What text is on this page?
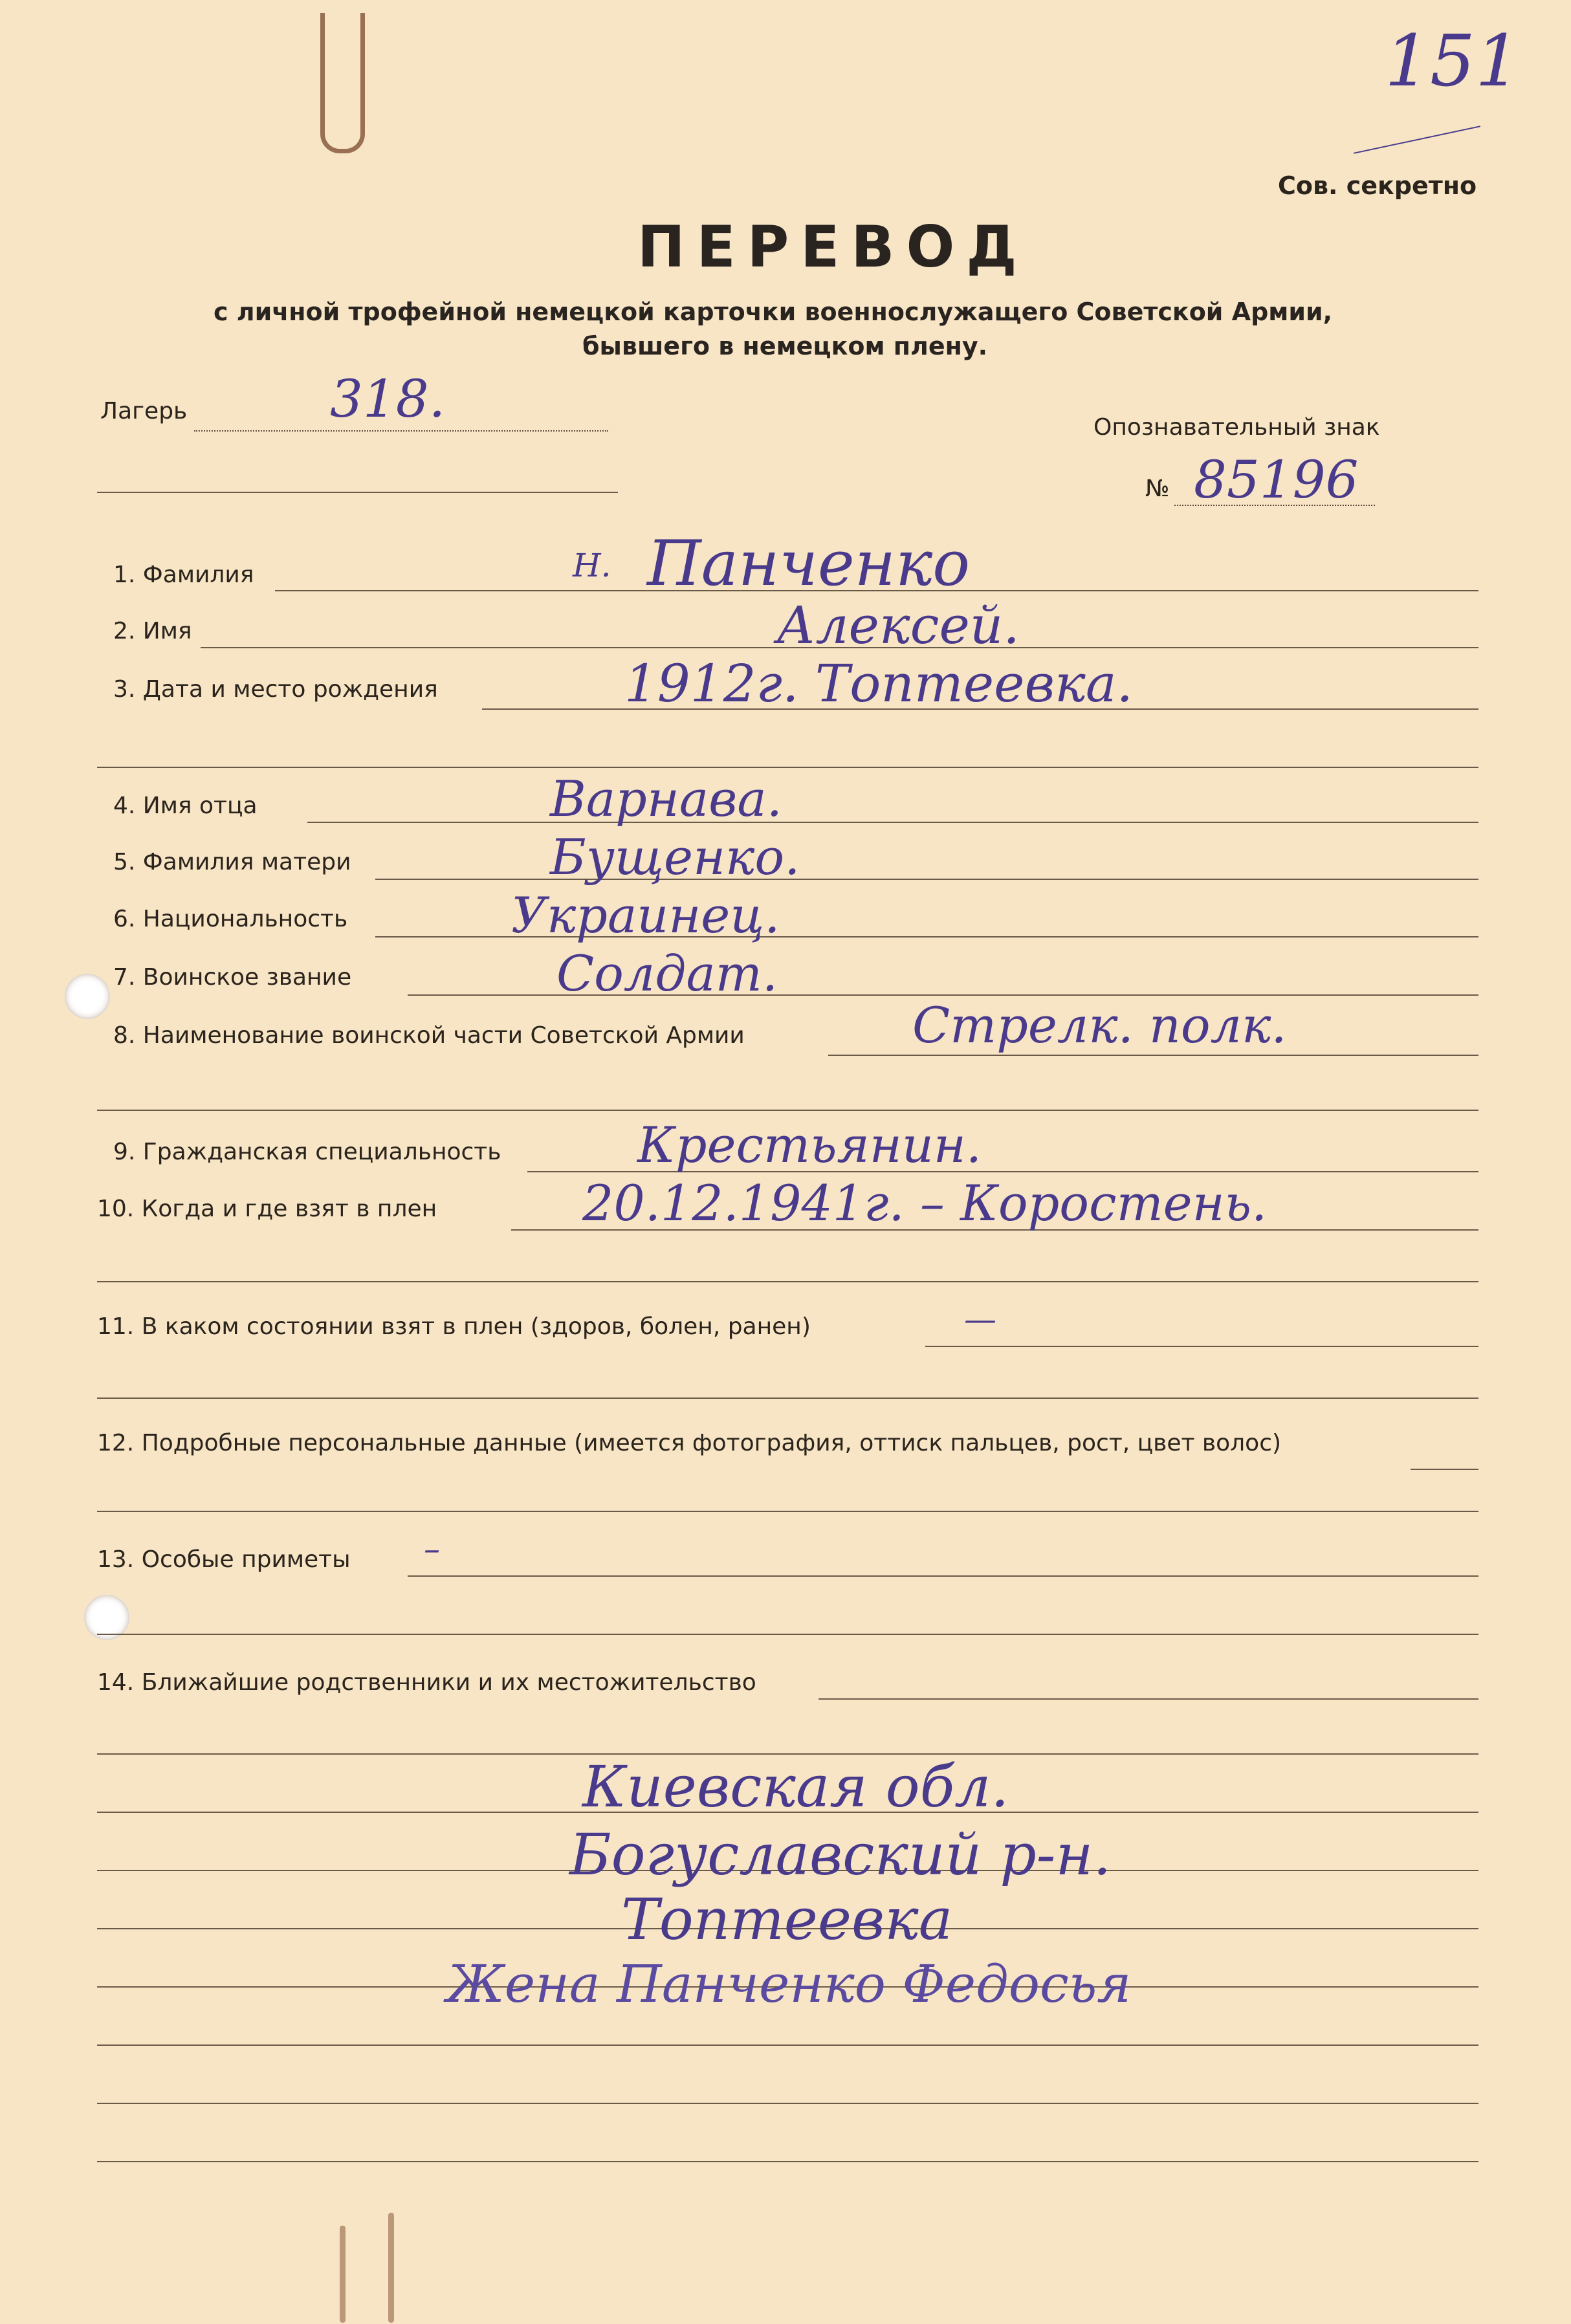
151
Сов. секретно
ПЕРЕВОД
с личной трофейной немецкой карточки военнослужащего Советской Армии,
бывшего в немецком плену.
Лагерь	318.	Опознавательный знак
№ 85196
1. Фамилия	Н. Панченко
2. Имя	Алексей.
3. Дата и место рождения	1912г. Топтеевка.
4. Имя отца	Варнава.
5. Фамилия матери	Бущенко.
6. Национальность	Украинец.
7. Воинское звание	Солдат.
8. Наименование воинской части Советской Армии	Стрелк. полк.
9. Гражданская специальность	Крестьянин.
10. Когда и где взят в плен	20.12.1941г. – Коростень.
11. В каком состоянии взят в плен (здоров, болен, ранен)	—
12. Подробные персональные данные (имеется фотография, оттиск пальцев, рост, цвет волос)
13. Особые приметы –
14. Ближайшие родственники и их местожительство
Киевская обл.
Богуславский р-н.
Топтеевка
Жена Панченко Федосья
